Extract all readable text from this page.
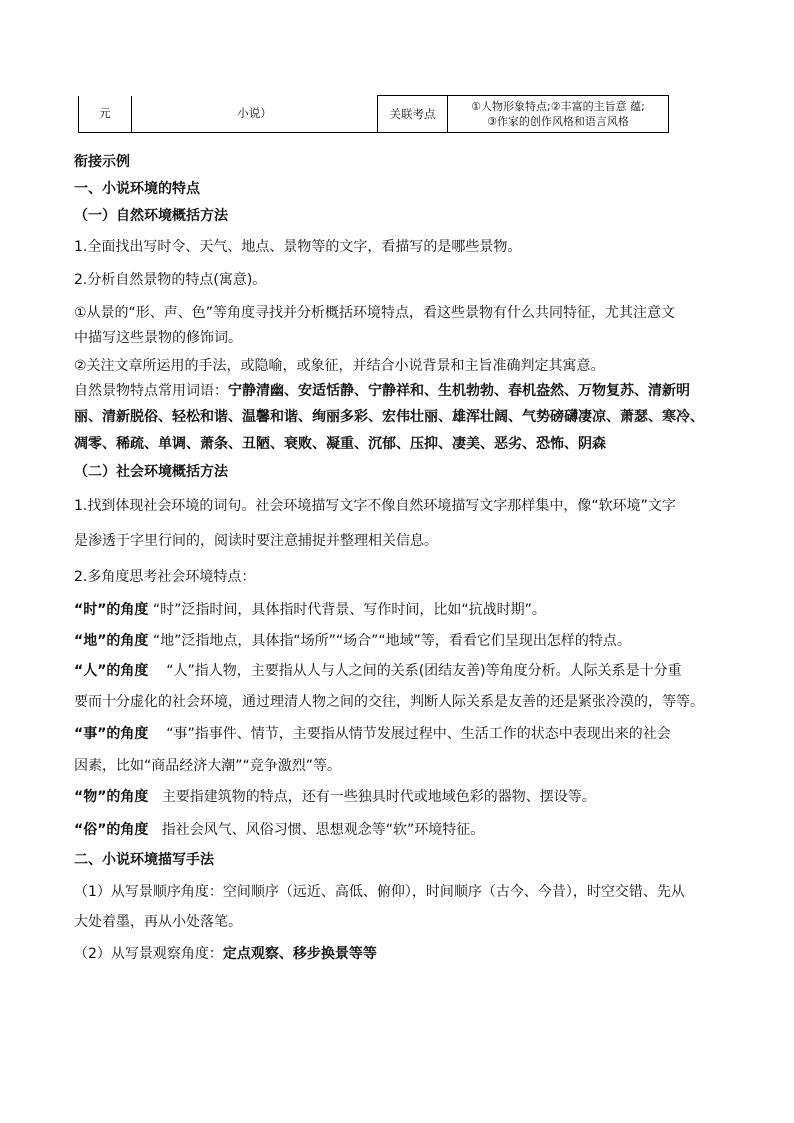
元	小说）	关联考点	①人物形象特点;②丰富的主旨意 蕴;
③作家的创作风格和语言风格

衔接示例

一、小说环境的特点

（一）自然环境概括方法

1.全面找出写时令、天气、地点、景物等的文字，看描写的是哪些景物。

2.分析自然景物的特点(寓意)。

①从景的“形、声、色”等角度寻找并分析概括环境特点，看这些景物有什么共同特征，尤其注意文

中描写这些景物的修饰词。

②关注文章所运用的手法，或隐喻，或象征，并结合小说背景和主旨准确判定其寓意。

自然景物特点常用词语：宁静清幽、安适恬静、宁静祥和、生机勃勃、春机盎然、万物复苏、清新明

丽、清新脱俗、轻松和谐、温馨和谐、绚丽多彩、宏伟壮丽、雄浑壮阔、气势磅礴凄凉、萧瑟、寒冷、

凋零、稀疏、单调、萧条、丑陋、衰败、凝重、沉郁、压抑、凄美、恶劣、恐怖、阴森

（二）社会环境概括方法

1.找到体现社会环境的词句。社会环境描写文字不像自然环境描写文字那样集中，像“软环境”文字

是渗透于字里行间的，阅读时要注意捕捉并整理相关信息。

2.多角度思考社会环境特点：

“时”的角度 “时”泛指时间，具体指时代背景、写作时间，比如“抗战时期”。

“地”的角度 “地”泛指地点，具体指“场所”“场合”“地域”等，看看它们呈现出怎样的特点。

“人”的角度 “人”指人物，主要指从人与人之间的关系(团结友善)等角度分析。人际关系是十分重

要而十分虚化的社会环境，通过理清人物之间的交往，判断人际关系是友善的还是紧张冷漠的，等等。

“事”的角度 “事”指事件、情节，主要指从情节发展过程中、生活工作的状态中表现出来的社会

因素，比如“商品经济大潮”“竞争激烈”等。

“物”的角度 主要指建筑物的特点，还有一些独具时代或地域色彩的器物、摆设等。

“俗”的角度 指社会风气、风俗习惯、思想观念等“软”环境特征。

二、小说环境描写手法

（1）从写景顺序角度：空间顺序（远近、高低、俯仰），时间顺序（古今、今昔），时空交错、先从

大处着墨，再从小处落笔。

（2）从写景观察角度：定点观察、移步换景等等
